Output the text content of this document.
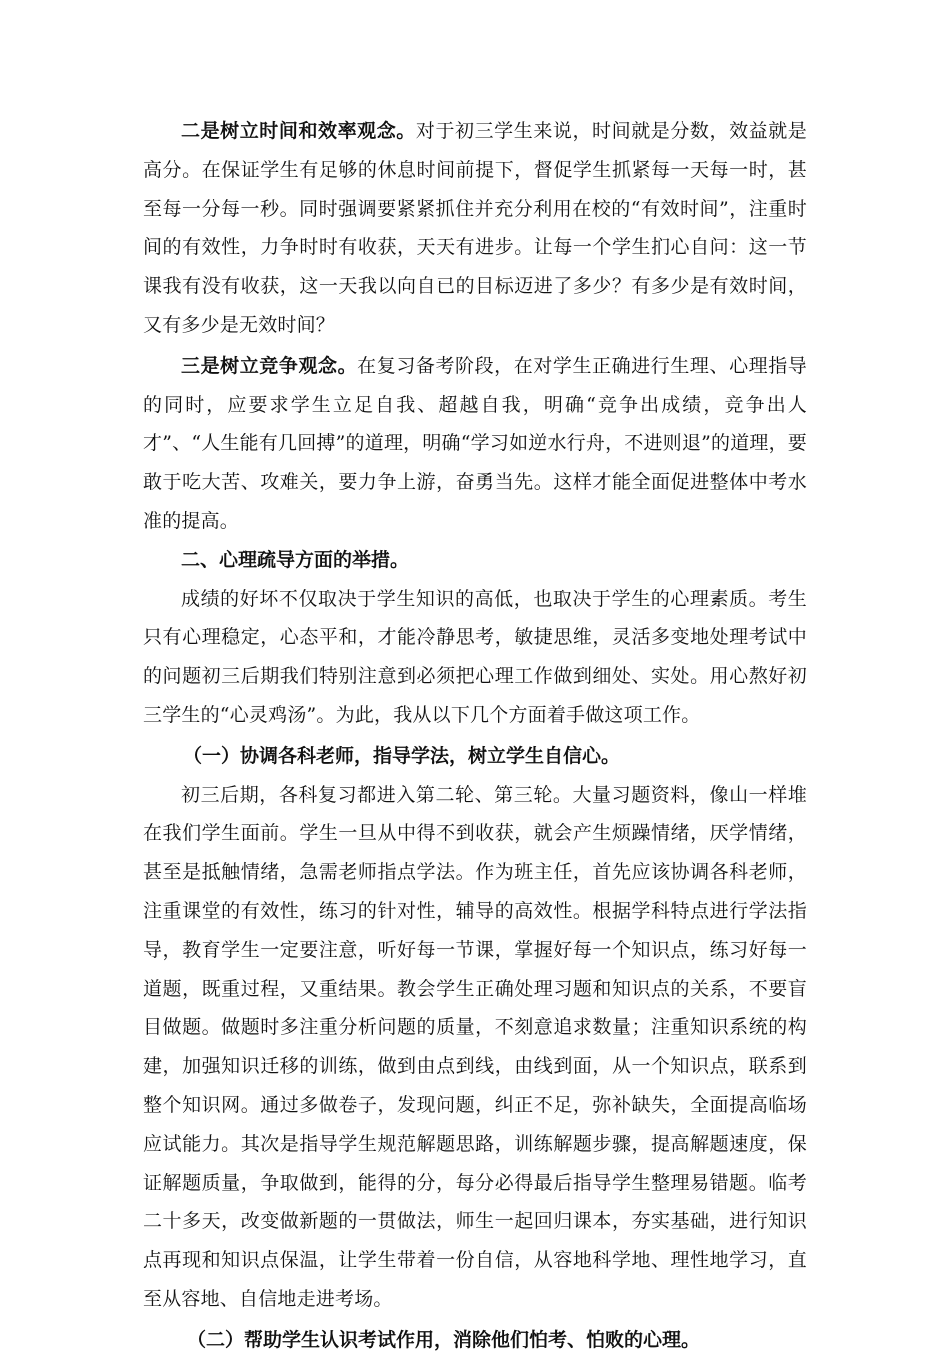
二是树立时间和效率观念。对于初三学生来说，时间就是分数，效益就是高分。在保证学生有足够的休息时间前提下，督促学生抓紧每一天每一时，甚至每一分每一秒。同时强调要紧紧抓住并充分利用在校的“有效时间”，注重时间的有效性，力争时时有收获，天天有进步。让每一个学生扪心自问：这一节课我有没有收获，这一天我以向自已的目标迈进了多少？有多少是有效时间，又有多少是无效时间？

三是树立竞争观念。在复习备考阶段，在对学生正确进行生理、心理指导的同时，应要求学生立足自我、超越自我，明确“竞争出成绩，竞争出人才”、“人生能有几回搏”的道理，明确“学习如逆水行舟，不进则退”的道理，要敢于吃大苦、攻难关，要力争上游，奋勇当先。这样才能全面促进整体中考水准的提高。

二、心理疏导方面的举措。

成绩的好坏不仅取决于学生知识的高低，也取决于学生的心理素质。考生只有心理稳定，心态平和，才能冷静思考，敏捷思维，灵活多变地处理考试中的问题初三后期我们特别注意到必须把心理工作做到细处、实处。用心熬好初三学生的“心灵鸡汤”。为此，我从以下几个方面着手做这项工作。

（一）协调各科老师，指导学法，树立学生自信心。

初三后期，各科复习都进入第二轮、第三轮。大量习题资料，像山一样堆在我们学生面前。学生一旦从中得不到收获，就会产生烦躁情绪，厌学情绪，甚至是抵触情绪，急需老师指点学法。作为班主任，首先应该协调各科老师，注重课堂的有效性，练习的针对性，辅导的高效性。根据学科特点进行学法指导，教育学生一定要注意，听好每一节课，掌握好每一个知识点，练习好每一道题，既重过程，又重结果。教会学生正确处理习题和知识点的关系，不要盲目做题。做题时多注重分析问题的质量，不刻意追求数量；注重知识系统的构建，加强知识迁移的训练，做到由点到线，由线到面，从一个知识点，联系到整个知识网。通过多做卷子，发现问题，纠正不足，弥补缺失，全面提高临场应试能力。其次是指导学生规范解题思路，训练解题步骤，提高解题速度，保证解题质量，争取做到，能得的分，每分必得最后指导学生整理易错题。临考二十多天，改变做新题的一贯做法，师生一起回归课本，夯实基础，进行知识点再现和知识点保温，让学生带着一份自信，从容地科学地、理性地学习，直至从容地、自信地走进考场。

（二）帮助学生认识考试作用，消除他们怕考、怕败的心理。
